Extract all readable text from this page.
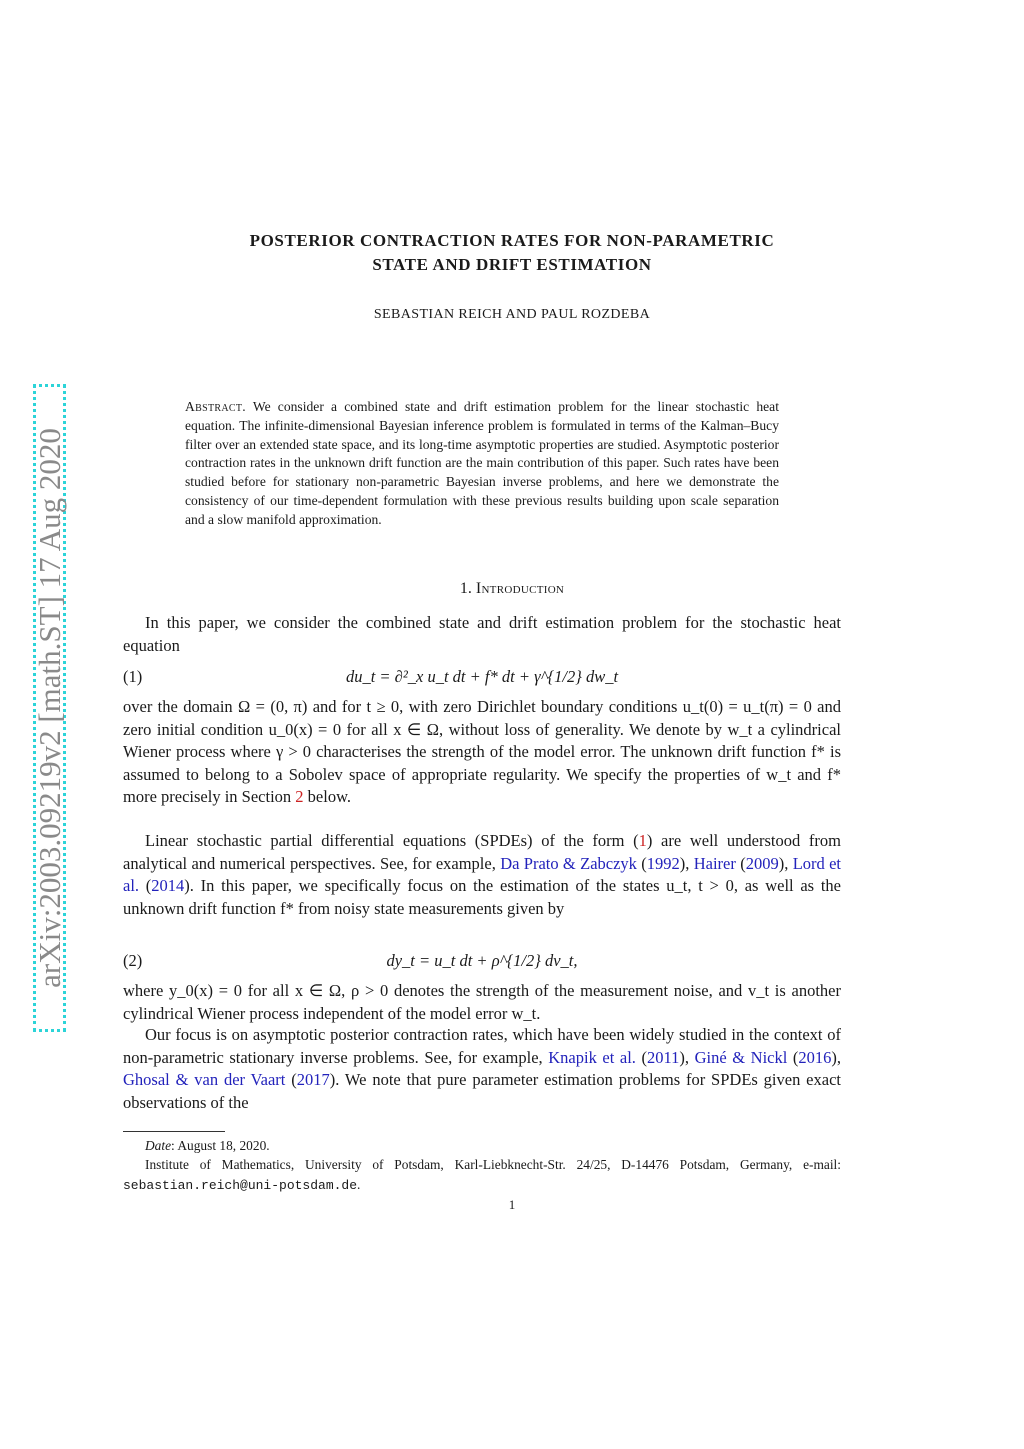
arXiv:2003.09219v2 [math.ST] 17 Aug 2020
POSTERIOR CONTRACTION RATES FOR NON-PARAMETRIC
STATE AND DRIFT ESTIMATION
SEBASTIAN REICH AND PAUL ROZDEBA
Abstract. We consider a combined state and drift estimation problem for the linear stochastic heat equation. The infinite-dimensional Bayesian inference problem is formulated in terms of the Kalman–Bucy filter over an extended state space, and its long-time asymptotic properties are studied. Asymptotic posterior contraction rates in the unknown drift function are the main contribution of this paper. Such rates have been studied before for stationary non-parametric Bayesian inverse problems, and here we demonstrate the consistency of our time-dependent formulation with these previous results building upon scale separation and a slow manifold approximation.
1. Introduction
In this paper, we consider the combined state and drift estimation problem for the stochastic heat equation
(1)	du_t = ∂²_x u_t dt + f* dt + γ^{1/2} dw_t
over the domain Ω = (0, π) and for t ≥ 0, with zero Dirichlet boundary conditions u_t(0) = u_t(π) = 0 and zero initial condition u_0(x) = 0 for all x ∈ Ω, without loss of generality. We denote by w_t a cylindrical Wiener process where γ > 0 characterises the strength of the model error. The unknown drift function f* is assumed to belong to a Sobolev space of appropriate regularity. We specify the properties of w_t and f* more precisely in Section 2 below.
Linear stochastic partial differential equations (SPDEs) of the form (1) are well understood from analytical and numerical perspectives. See, for example, Da Prato & Zabczyk (1992), Hairer (2009), Lord et al. (2014). In this paper, we specifically focus on the estimation of the states u_t, t > 0, as well as the unknown drift function f* from noisy state measurements given by
(2)	dy_t = u_t dt + ρ^{1/2} dv_t,
where y_0(x) = 0 for all x ∈ Ω, ρ > 0 denotes the strength of the measurement noise, and v_t is another cylindrical Wiener process independent of the model error w_t.
Our focus is on asymptotic posterior contraction rates, which have been widely studied in the context of non-parametric stationary inverse problems. See, for example, Knapik et al. (2011), Giné & Nickl (2016), Ghosal & van der Vaart (2017). We note that pure parameter estimation problems for SPDEs given exact observations of the
Date: August 18, 2020.
Institute of Mathematics, University of Potsdam, Karl-Liebknecht-Str. 24/25, D-14476 Potsdam, Germany, e-mail: sebastian.reich@uni-potsdam.de.
1
